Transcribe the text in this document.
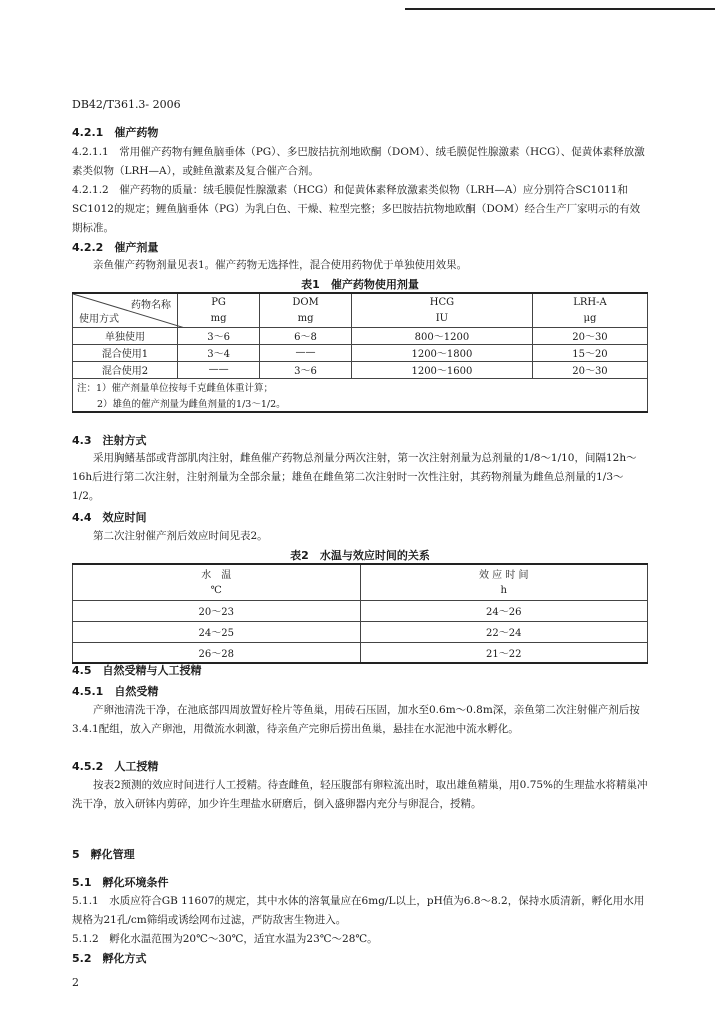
DB42/T361.3- 2006
4.2.1　催产药物
4.2.1.1　常用催产药物有鲤鱼脑垂体（PG）、多巴胺拮抗剂地欧酮（DOM）、绒毛膜促性腺激素（HCG）、促黄体素释放激素类似物（LRH—A），或鲑鱼激素及复合催产合剂。
4.2.1.2　催产药物的质量：绒毛膜促性腺激素（HCG）和促黄体素释放激素类似物（LRH—A）应分别符合SC1011和SC1012的规定；鲤鱼脑垂体（PG）为乳白色、干燥、粒型完整；多巴胺拮抗物地欧酮（DOM）经合生产厂家明示的有效期标准。
4.2.2　催产剂量
亲鱼催产药物剂量见表1。催产药物无选择性，混合使用药物优于单独使用效果。
表1　催产药物使用剂量
药物名称
使用方式	PG	DOM	HCG	LRH-A
	mg	mg	IU	μg
单独使用	3～6	6～8	800～1200	20～30
混合使用1	3～4	——	1200～1800	15～20
混合使用2	——	3～6	1200～1600	20～30
注：1）催产剂量单位按每千克雌鱼体重计算；				
2）雄鱼的催产剂量为雌鱼剂量的1/3～1/2。				
4.3　注射方式
采用胸鳍基部或背部肌肉注射，雌鱼催产药物总剂量分两次注射，第一次注射剂量为总剂量的1/8～1/10，间隔12h～16h后进行第二次注射，注射剂量为全部余量；雄鱼在雌鱼第二次注射时一次性注射，其药物剂量为雌鱼总剂量的1/3～1/2。
4.4　效应时间
第二次注射催产剂后效应时间见表2。
表2　水温与效应时间的关系
水　温	效 应 时 间
℃	h
20～23	24～26
24～25	22～24
26～28	21～22
4.5　自然受精与人工授精
4.5.1　自然受精
产卵池清洗干净，在池底部四周放置好栓片等鱼巢，用砖石压固，加水至0.6m～0.8m深，亲鱼第二次注射催产剂后按3.4.1配组，放入产卵池，用微流水刺激，待亲鱼产完卵后捞出鱼巢，悬挂在水泥池中流水孵化。
4.5.2　人工授精
按表2预测的效应时间进行人工授精。待查雌鱼，轻压腹部有卵粒流出时，取出雄鱼精巢，用0.75%的生理盐水将精巢冲洗干净，放入研钵内剪碎，加少许生理盐水研磨后，倒入盛卵器内充分与卵混合，授精。
5　孵化管理
5.1　孵化环境条件
5.1.1　水质应符合GB 11607的规定，其中水体的溶氧量应在6mg/L以上，pH值为6.8～8.2，保持水质清新，孵化用水用规格为21孔/cm筛绢或诱绘网布过滤，严防敌害生物进入。
5.1.2　孵化水温范围为20℃～30℃，适宜水温为23℃～28℃。
5.2　孵化方式
2
